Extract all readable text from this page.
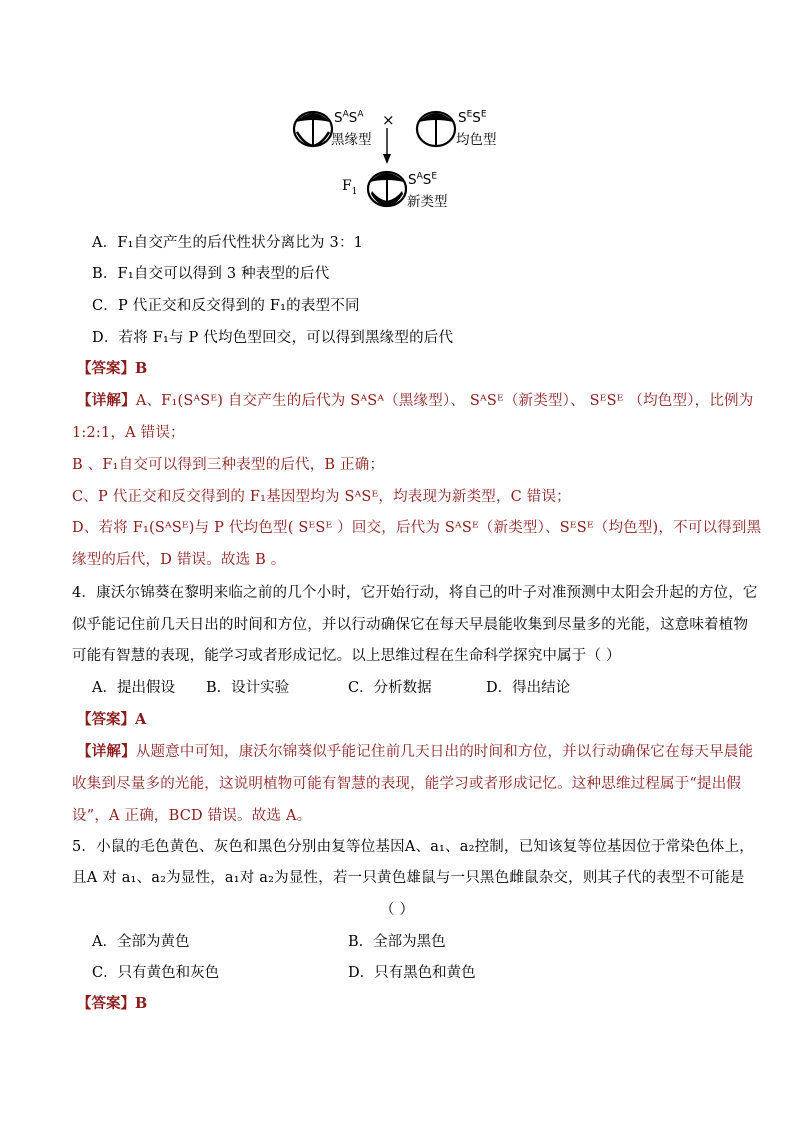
$S^AS^A$
黑缘型
×	$S^ES^E$
均色型
$F_1$
$S^AS^E$
新类型
A．F₁自交产生的后代性状分离比为 3：1
B．F₁自交可以得到 3 种表型的后代
C．P 代正交和反交得到的 F₁的表型不同
D．若将 F₁与 P 代均色型回交，可以得到黑缘型的后代
【答案】B
【详解】A、F₁(SᴬSᴱ) 自交产生的后代为 SᴬSᴬ（黑缘型）、 SᴬSᴱ（新类型）、 SᴱSᴱ （均色型），比例为
1:2:1，A 错误；
B 、F₁自交可以得到三种表型的后代，B 正确；
C、P 代正交和反交得到的 F₁基因型均为 SᴬSᴱ，均表现为新类型，C 错误；
D、若将 F₁(SᴬSᴱ)与 P 代均色型( SᴱSᴱ ）回交，后代为 SᴬSᴱ（新类型）、SᴱSᴱ（均色型)，不可以得到黑
缘型的后代，D 错误。故选 B 。
4．康沃尔锦葵在黎明来临之前的几个小时，它开始行动，将自己的叶子对准预测中太阳会升起的方位，它
似乎能记住前几天日出的时间和方位，并以行动确保它在每天早晨能收集到尽量多的光能，这意味着植物
可能有智慧的表现，能学习或者形成记忆。以上思维过程在生命科学探究中属于（ ）
A．提出假设 B．设计实验	C．分析数据	D．得出结论
【答案】A
【详解】从题意中可知，康沃尔锦葵似乎能记住前几天日出的时间和方位，并以行动确保它在每天早晨能
收集到尽量多的光能，这说明植物可能有智慧的表现，能学习或者形成记忆。这种思维过程属于“提出假
设”，A 正确，BCD 错误。故选 A。
5．小鼠的毛色黄色、灰色和黑色分别由复等位基因A、a₁、a₂控制，已知该复等位基因位于常染色体上，
且A 对 a₁、a₂为显性，a₁对 a₂为显性，若一只黄色雄鼠与一只黑色雌鼠杂交，则其子代的表型不可能是
（ ）
A．全部为黄色	B．全部为黑色
C．只有黄色和灰色	D．只有黑色和黄色
【答案】B
